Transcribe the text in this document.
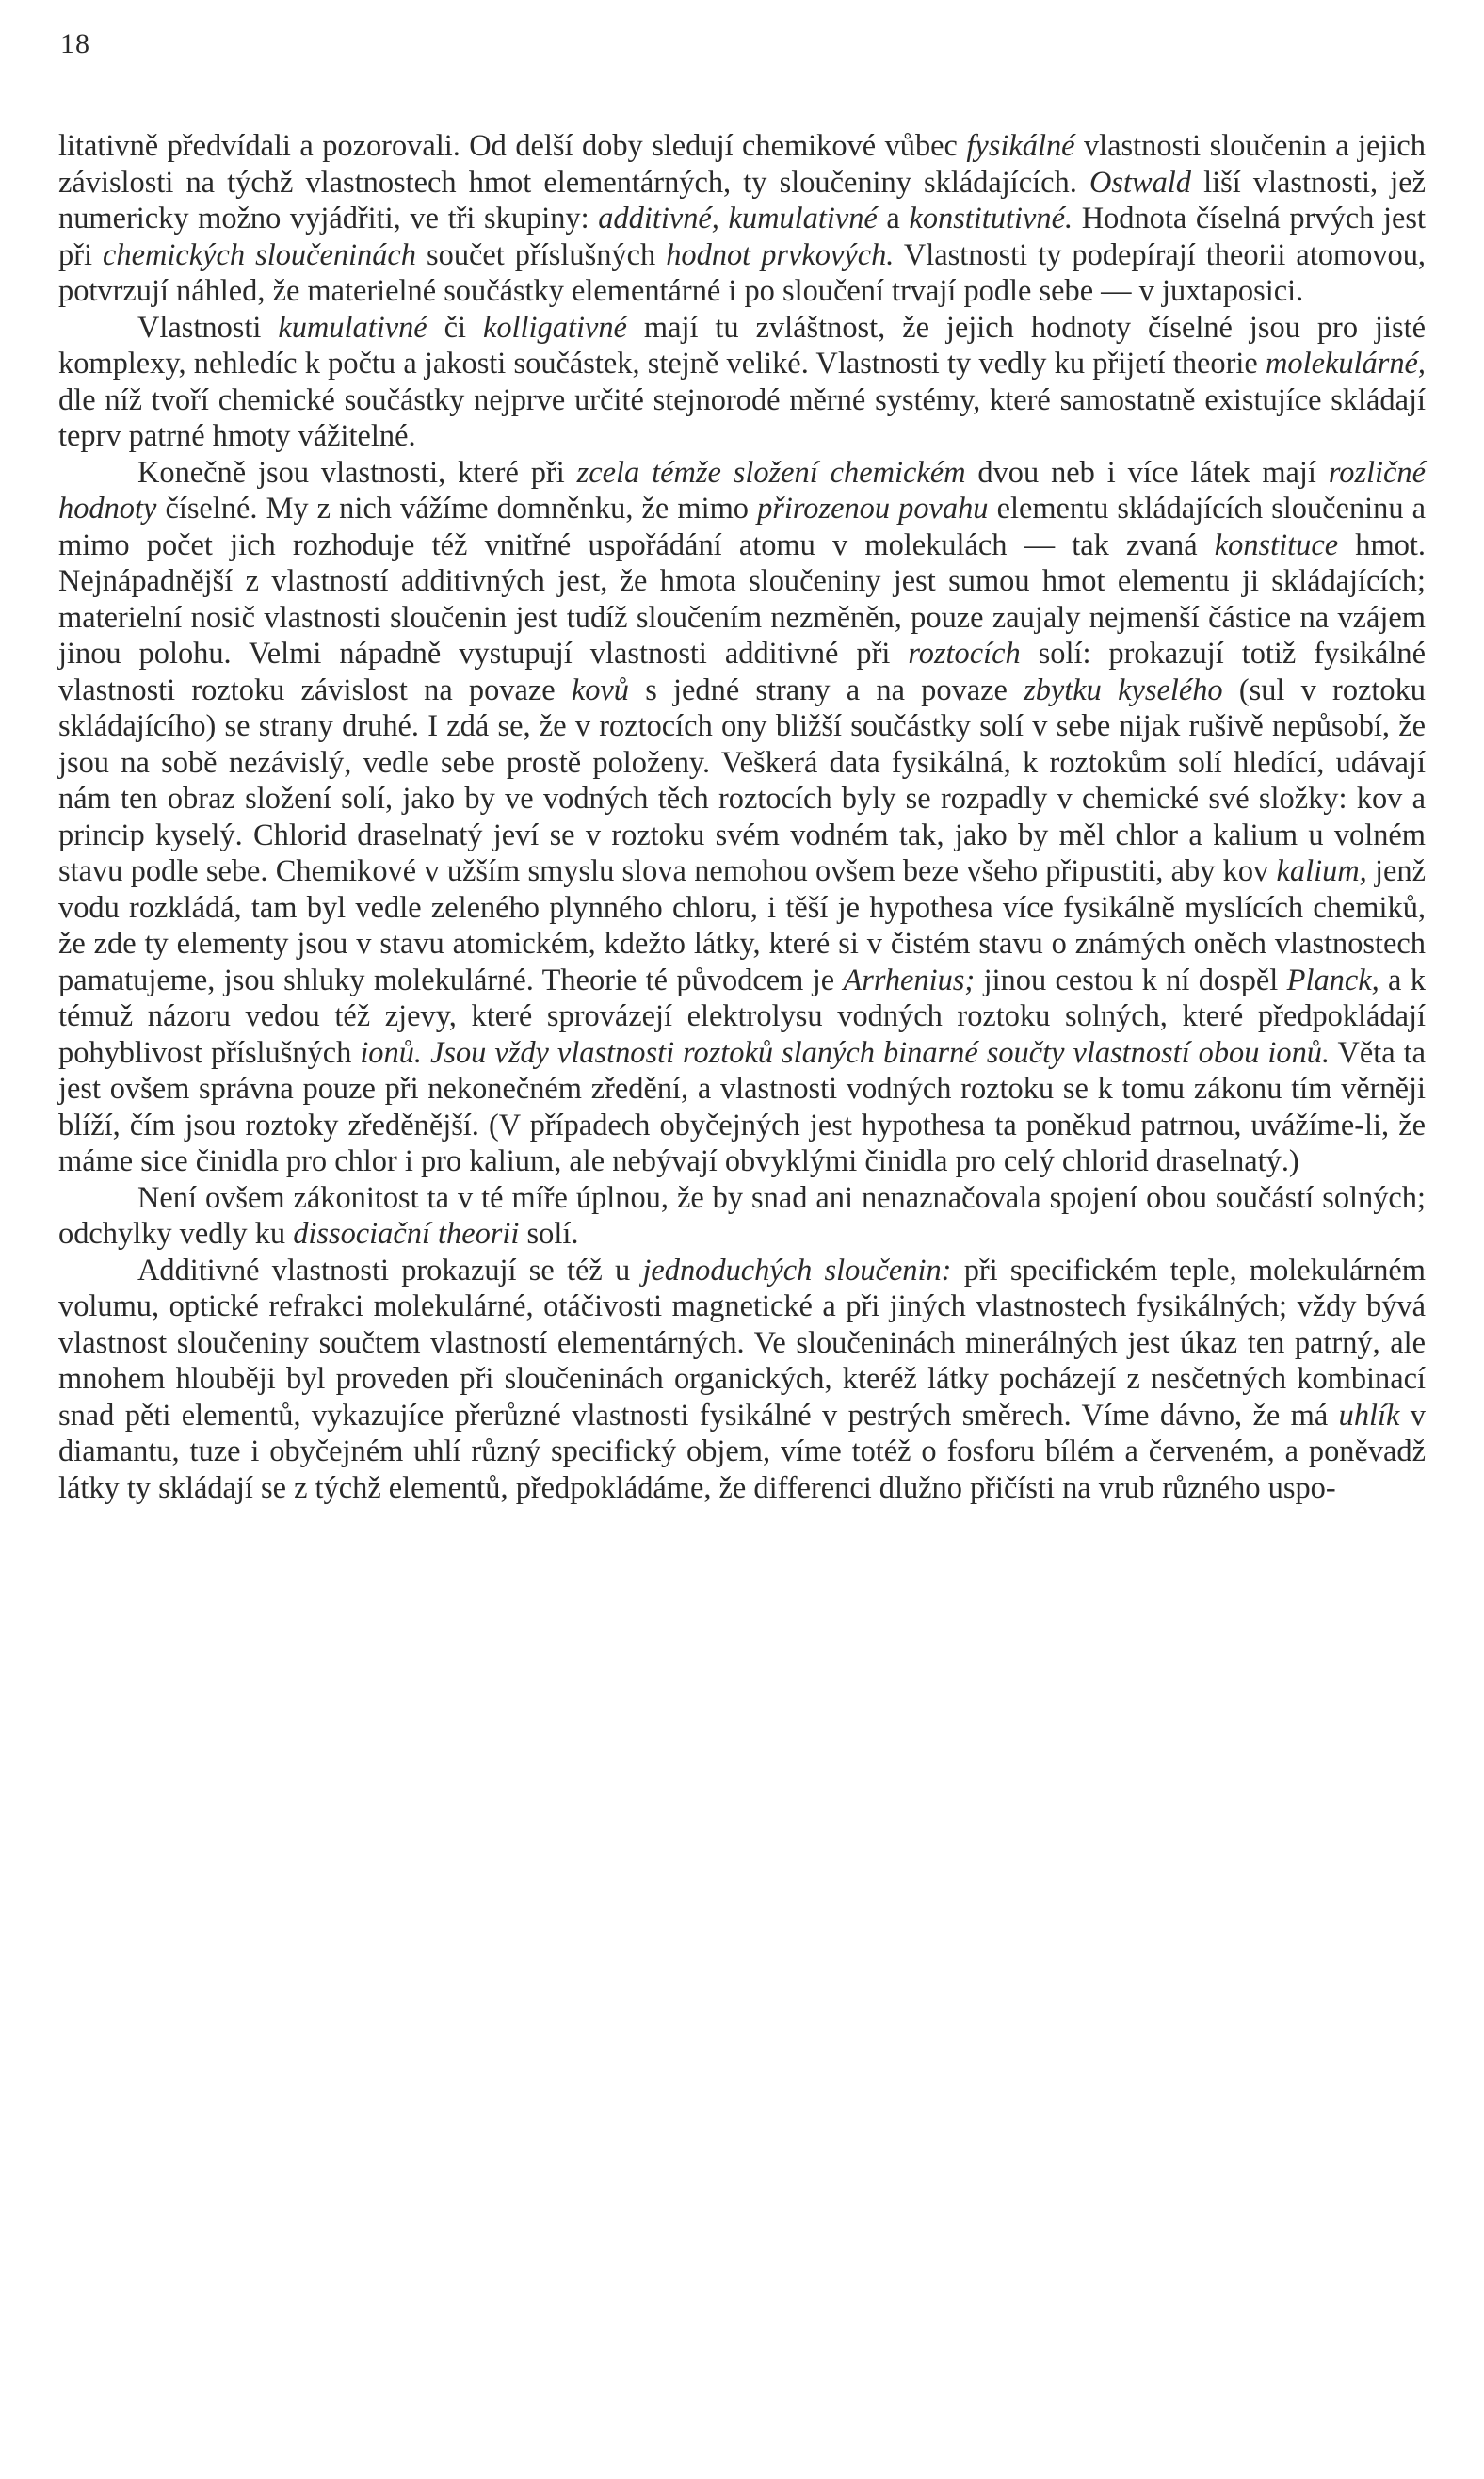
18

litativně předvídali a pozorovali. Od delší doby sledují chemikové vůbec fysikálné vlastnosti sloučenin a jejich závislosti na týchž vlastnostech hmot elementárných, ty sloučeniny skládajících. Ostwald liší vlastnosti, jež numericky možno vyjádřiti, ve tři skupiny: additivné, kumulativné a konstitutivné. Hodnota číselná prvých jest při chemických sloučeninách součet příslušných hodnot prvkových. Vlastnosti ty podepírají theorii atomovou, potvrzují náhled, že materielné součástky elementárné i po sloučení trvají podle sebe — v juxtaposici.

Vlastnosti kumulativné či kolligativné mají tu zvláštnost, že jejich hodnoty číselné jsou pro jisté komplexy, nehledíc k počtu a jakosti součástek, stejně veliké. Vlastnosti ty vedly ku přijetí theorie molekulárné, dle níž tvoří chemické součástky nejprve určité stejnorodé měrné systémy, které samostatně existujíce skládají teprv patrné hmoty vážitelné.

Konečně jsou vlastnosti, které při zcela témže složení chemickém dvou neb i více látek mají rozličné hodnoty číselné. My z nich vážíme domněnku, že mimo přirozenou povahu elementu skládajících sloučeninu a mimo počet jich rozhoduje též vnitřné uspořádání atomu v molekulách — tak zvaná konstituce hmot. Nejnápadnější z vlastností additivných jest, že hmota sloučeniny jest sumou hmot elementu ji skládajících; materielní nosič vlastnosti sloučenin jest tudíž sloučením nezměněn, pouze zaujaly nejmenší částice na vzájem jinou polohu. Velmi nápadně vystupují vlastnosti additivné při roztocích solí: prokazují totiž fysikálné vlastnosti roztoku závislost na povaze kovů s jedné strany a na povaze zbytku kyselého (sul v roztoku skládajícího) se strany druhé. I zdá se, že v roztocích ony bližší součástky solí v sebe nijak rušivě nepůsobí, že jsou na sobě nezávislý, vedle sebe prostě položeny. Veškerá data fysikálná, k roztokům solí hledící, udávají nám ten obraz složení solí, jako by ve vodných těch roztocích byly se rozpadly v chemické své složky: kov a princip kyselý. Chlorid draselnatý jeví se v roztoku svém vodném tak, jako by měl chlor a kalium u volném stavu podle sebe. Chemikové v užším smyslu slova nemohou ovšem beze všeho připustiti, aby kov kalium, jenž vodu rozkládá, tam byl vedle zeleného plynného chloru, i těší je hypothesa více fysikálně myslících chemiků, že zde ty elementy jsou v stavu atomickém, kdežto látky, které si v čistém stavu o známých oněch vlastnostech pamatujeme, jsou shluky molekulárné. Theorie té původcem je Arrhenius; jinou cestou k ní dospěl Planck, a k témuž názoru vedou též zjevy, které sprovázejí elektrolysu vodných roztoku solných, které předpokládají pohyblivost příslušných ionů. Jsou vždy vlastnosti roztoků slaných binarné součty vlastností obou ionů. Věta ta jest ovšem správna pouze při nekonečném zředění, a vlastnosti vodných roztoku se k tomu zákonu tím věrněji blíží, čím jsou roztoky zředěnější. (V případech obyčejných jest hypothesa ta poněkud patrnou, uvážíme-li, že máme sice činidla pro chlor i pro kalium, ale nebývají obvyklými činidla pro celý chlorid draselnatý.)

Není ovšem zákonitost ta v té míře úplnou, že by snad ani nenaznačovala spojení obou součástí solných; odchylky vedly ku dissociační theorii solí.

Additivné vlastnosti prokazují se též u jednoduchých sloučenin: při specifickém teple, molekulárném volumu, optické refrakci molekulárné, otáčivosti magnetické a při jiných vlastnostech fysikálných; vždy bývá vlastnost sloučeniny součtem vlastností elementárných. Ve sloučeninách minerálných jest úkaz ten patrný, ale mnohem hlouběji byl proveden při sloučeninách organických, kteréž látky pocházejí z nesčetných kombinací snad pěti elementů, vykazujíce přerůzné vlastnosti fysikálné v pestrých směrech. Víme dávno, že má uhlík v diamantu, tuze i obyčejném uhlí různý specifický objem, víme totéž o fosforu bílém a červeném, a poněvadž látky ty skládají se z týchž elementů, předpokládáme, že differenci dlužno přičísti na vrub různého uspo-
